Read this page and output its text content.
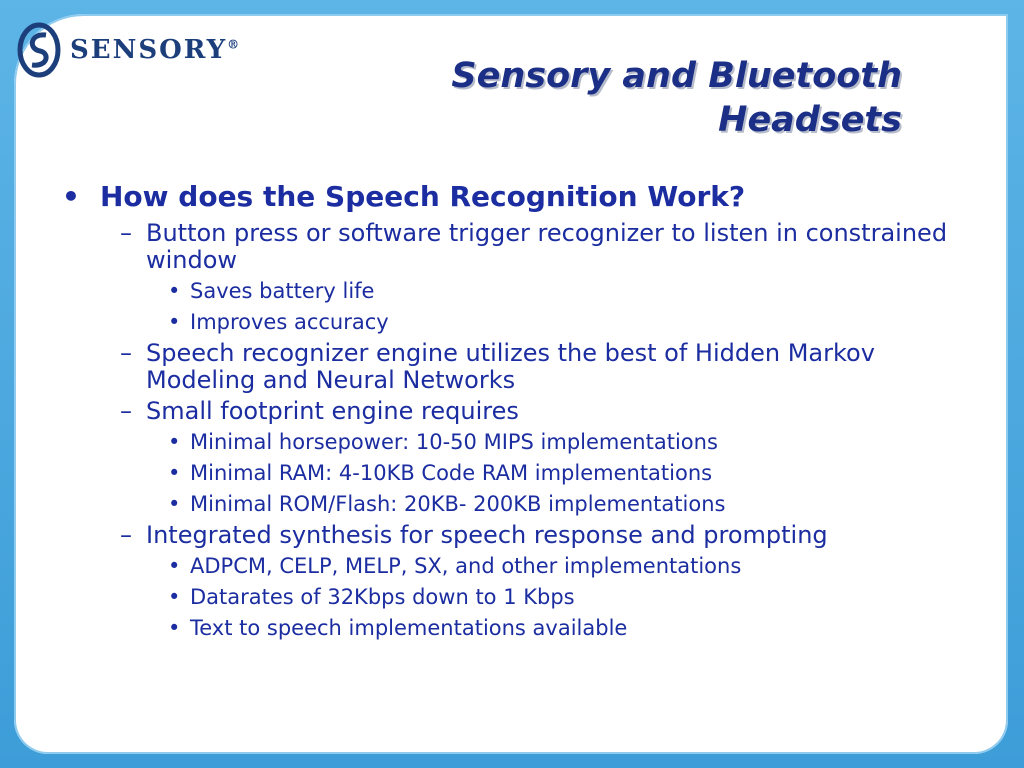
SENSORY®
Sensory and Bluetooth
Headsets
• How does the Speech Recognition Work?
– Button press or software trigger recognizer to listen in constrained window
• Saves battery life
• Improves accuracy
– Speech recognizer engine utilizes the best of Hidden Markov Modeling and Neural Networks
– Small footprint engine requires
• Minimal horsepower: 10-50 MIPS implementations
• Minimal RAM: 4-10KB Code RAM implementations
• Minimal ROM/Flash: 20KB- 200KB implementations
– Integrated synthesis for speech response and prompting
• ADPCM, CELP, MELP, SX, and other implementations
• Datarates of 32Kbps down to 1 Kbps
• Text to speech implementations available
